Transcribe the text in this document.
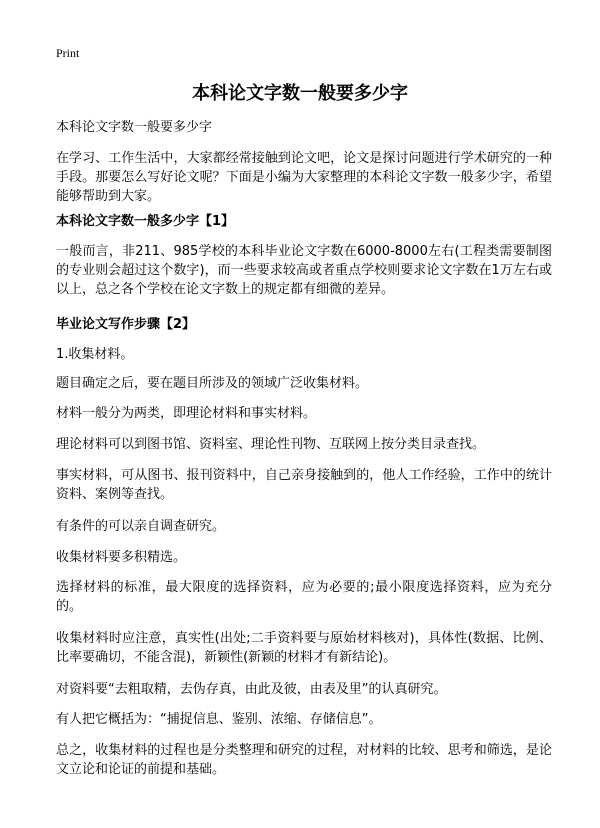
Print
本科论文字数一般要多少字

本科论文字数一般要多少字

在学习、工作生活中，大家都经常接触到论文吧，论文是探讨问题进行学术研究的一种手段。那要怎么写好论文呢？下面是小编为大家整理的本科论文字数一般多少字，希望能够帮助到大家。

本科论文字数一般多少字【1】

一般而言，非211、985学校的本科毕业论文字数在6000-8000左右(工程类需要制图的专业则会超过这个数字)，而一些要求较高或者重点学校则要求论文字数在1万左右或以上，总之各个学校在论文字数上的规定都有细微的差异。

毕业论文写作步骤【2】

1.收集材料。

题目确定之后，要在题目所涉及的领域广泛收集材料。

材料一般分为两类，即理论材料和事实材料。

理论材料可以到图书馆、资料室、理论性刊物、互联网上按分类目录查找。

事实材料，可从图书、报刊资料中，自己亲身接触到的，他人工作经验，工作中的统计资料、案例等查找。

有条件的可以亲自调查研究。

收集材料要多积精选。

选择材料的标准，最大限度的选择资料，应为必要的;最小限度选择资料，应为充分的。

收集材料时应注意，真实性(出处;二手资料要与原始材料核对)，具体性(数据、比例、比率要确切，不能含混)，新颖性(新颖的材料才有新结论)。

对资料要“去粗取精，去伪存真，由此及彼，由表及里”的认真研究。

有人把它概括为：“捕捉信息、鉴别、浓缩、存储信息”。

总之，收集材料的过程也是分类整理和研究的过程，对材料的比较、思考和筛选，是论文立论和论证的前提和基础。
